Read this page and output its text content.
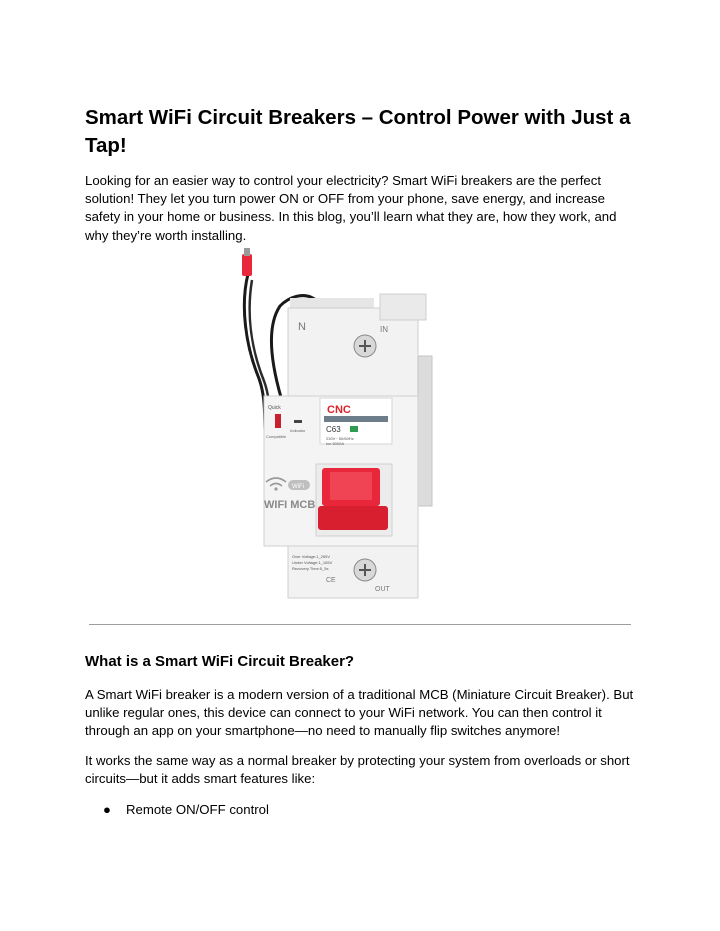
Smart WiFi Circuit Breakers – Control Power with Just a Tap!

Looking for an easier way to control your electricity? Smart WiFi breakers are the perfect solution! They let you turn power ON or OFF from your phone, save energy, and increase safety in your home or business. In this blog, you’ll learn what they are, how they work, and why they’re worth installing.

N	IN
CNC
C63
230V~ 50/60Hz
Icn 6000A
Quick
Compatible
Indicator
WiFi
WIFI MCB
Over Voltage:1_265V
Under Voltage:1_165V
Recovery Time:5_5s
CE
OUT
What is a Smart WiFi Circuit Breaker?

A Smart WiFi breaker is a modern version of a traditional MCB (Miniature Circuit Breaker). But unlike regular ones, this device can connect to your WiFi network. You can then control it through an app on your smartphone—no need to manually flip switches anymore!

It works the same way as a normal breaker by protecting your system from overloads or short circuits—but it adds smart features like:

● Remote ON/OFF control
